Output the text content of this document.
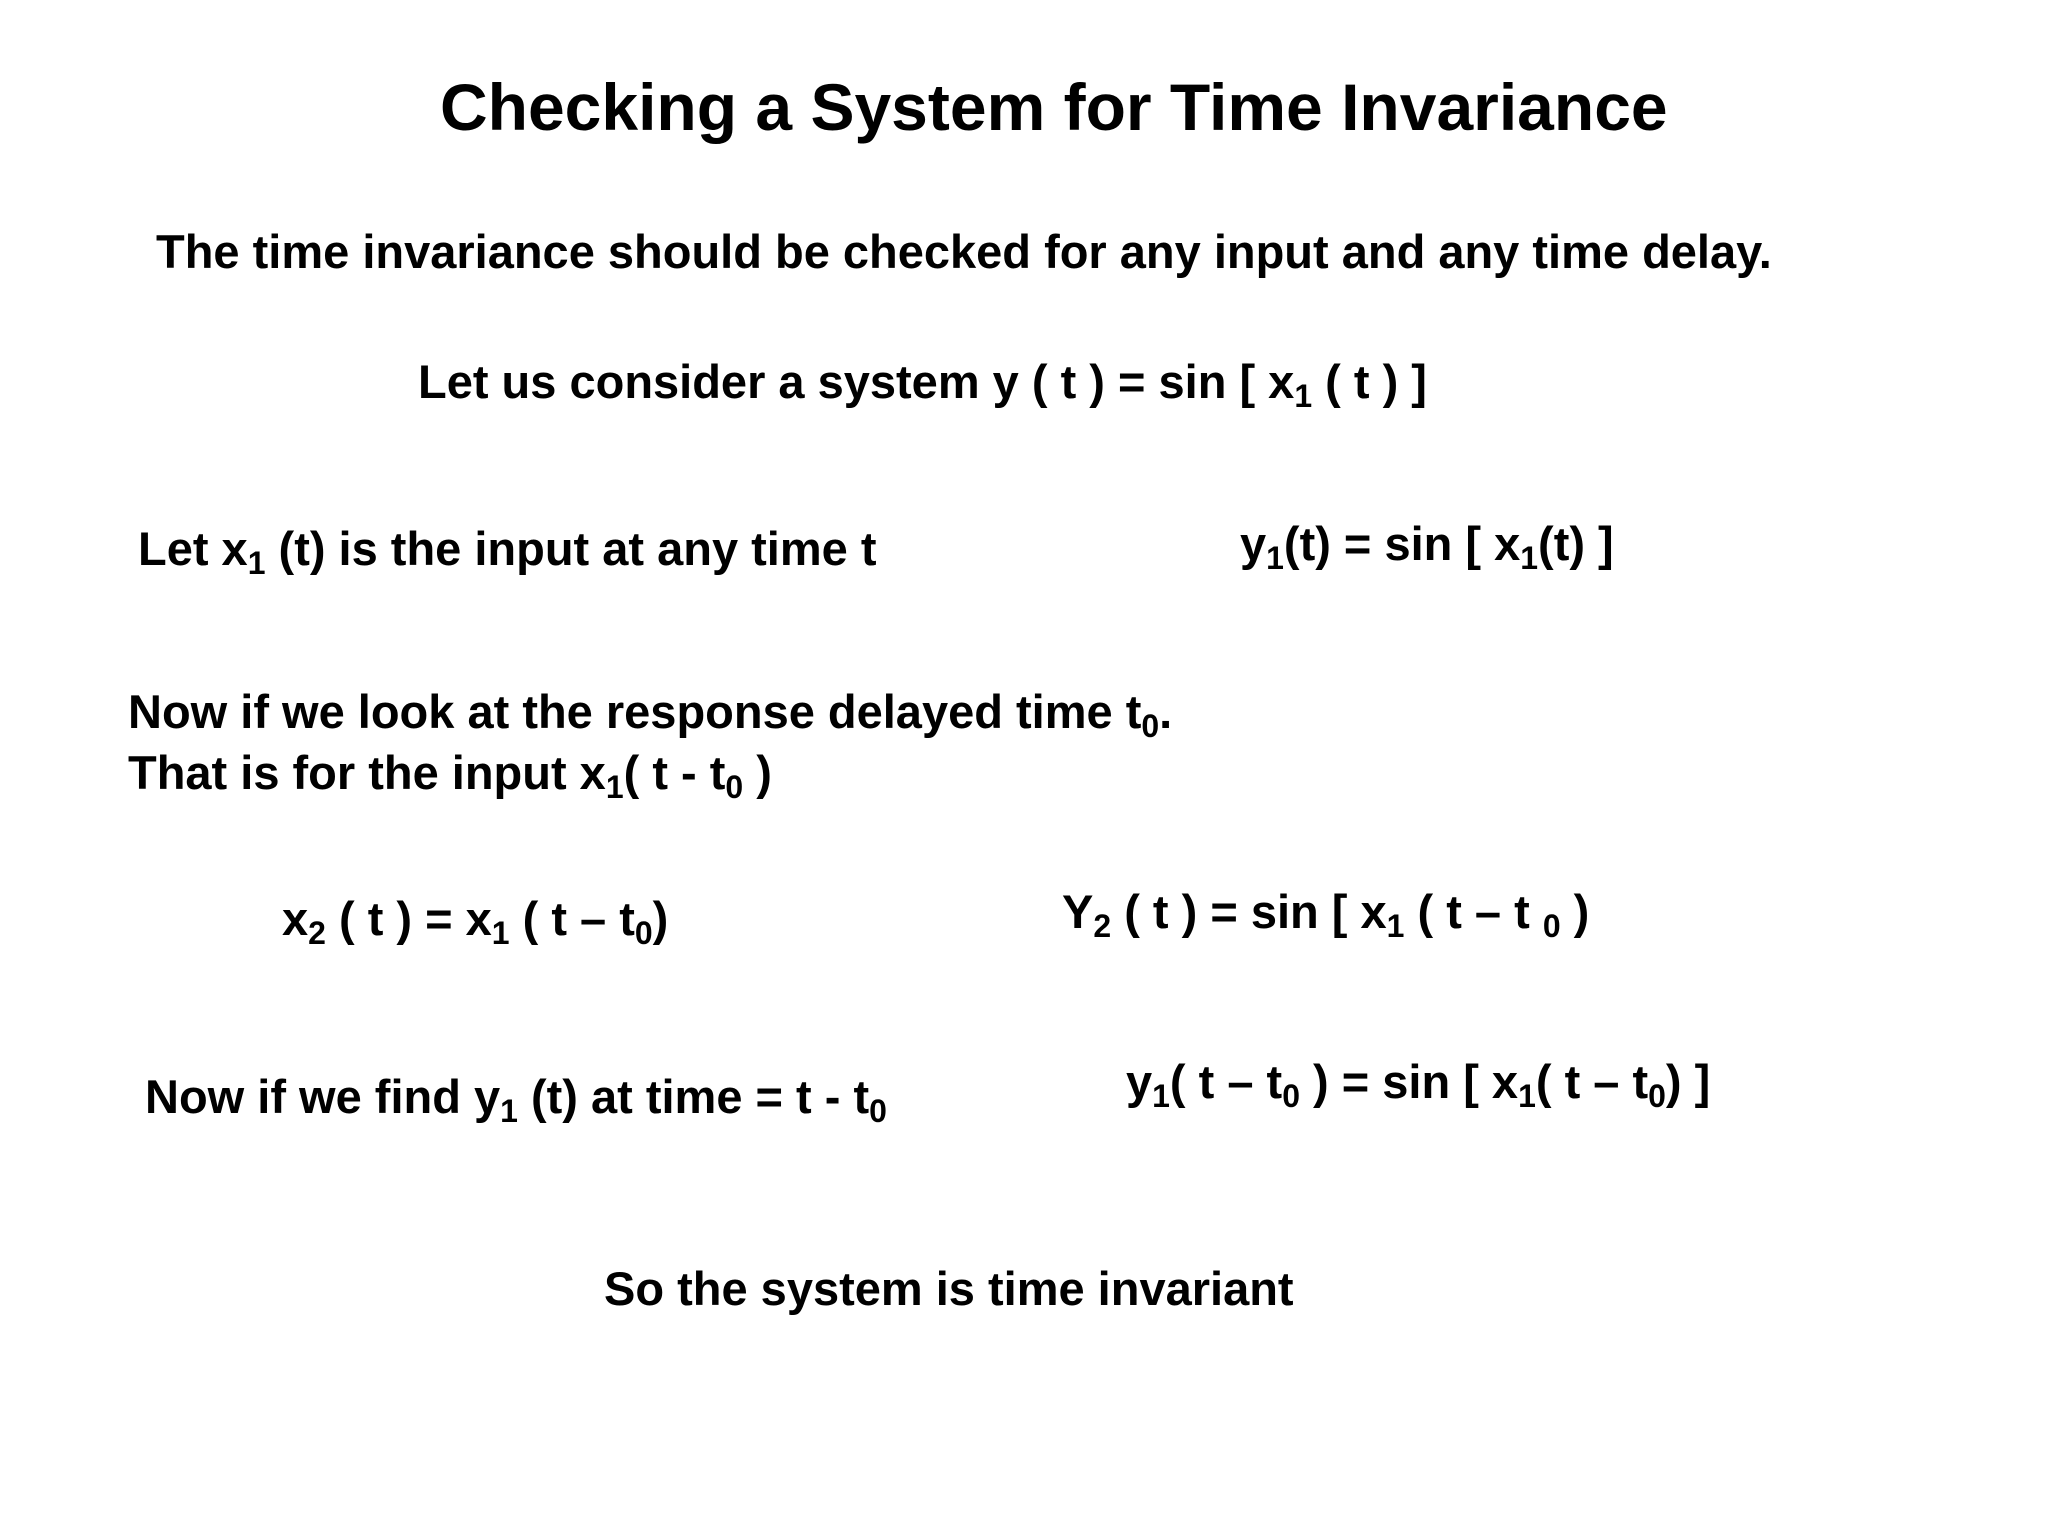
Checking a System for Time Invariance
The time invariance should be checked for any input and any time delay.
Let us consider a system y ( t ) = sin [ $x_1$ ( t ) ]
Let $x_1$ (t) is the input at any time t	$y_1(t) = \sin$ [ $x_1(t)$ ]
Now if we look at the response delayed time $t_0$.
That is for the input $x_1$( t - $t_0$ )
$x_2$ ( t ) = $x_1$ ( t – $t_0$)	$Y_2$ ( t ) = sin [ $x_1$ ( t – t $_0$ )
Now if we find $y_1$ (t) at time = t - $t_0$
$y_1$( t – $t_0$ ) = sin [ $x_1$( t – $t_0$) ]
So the system is time invariant
